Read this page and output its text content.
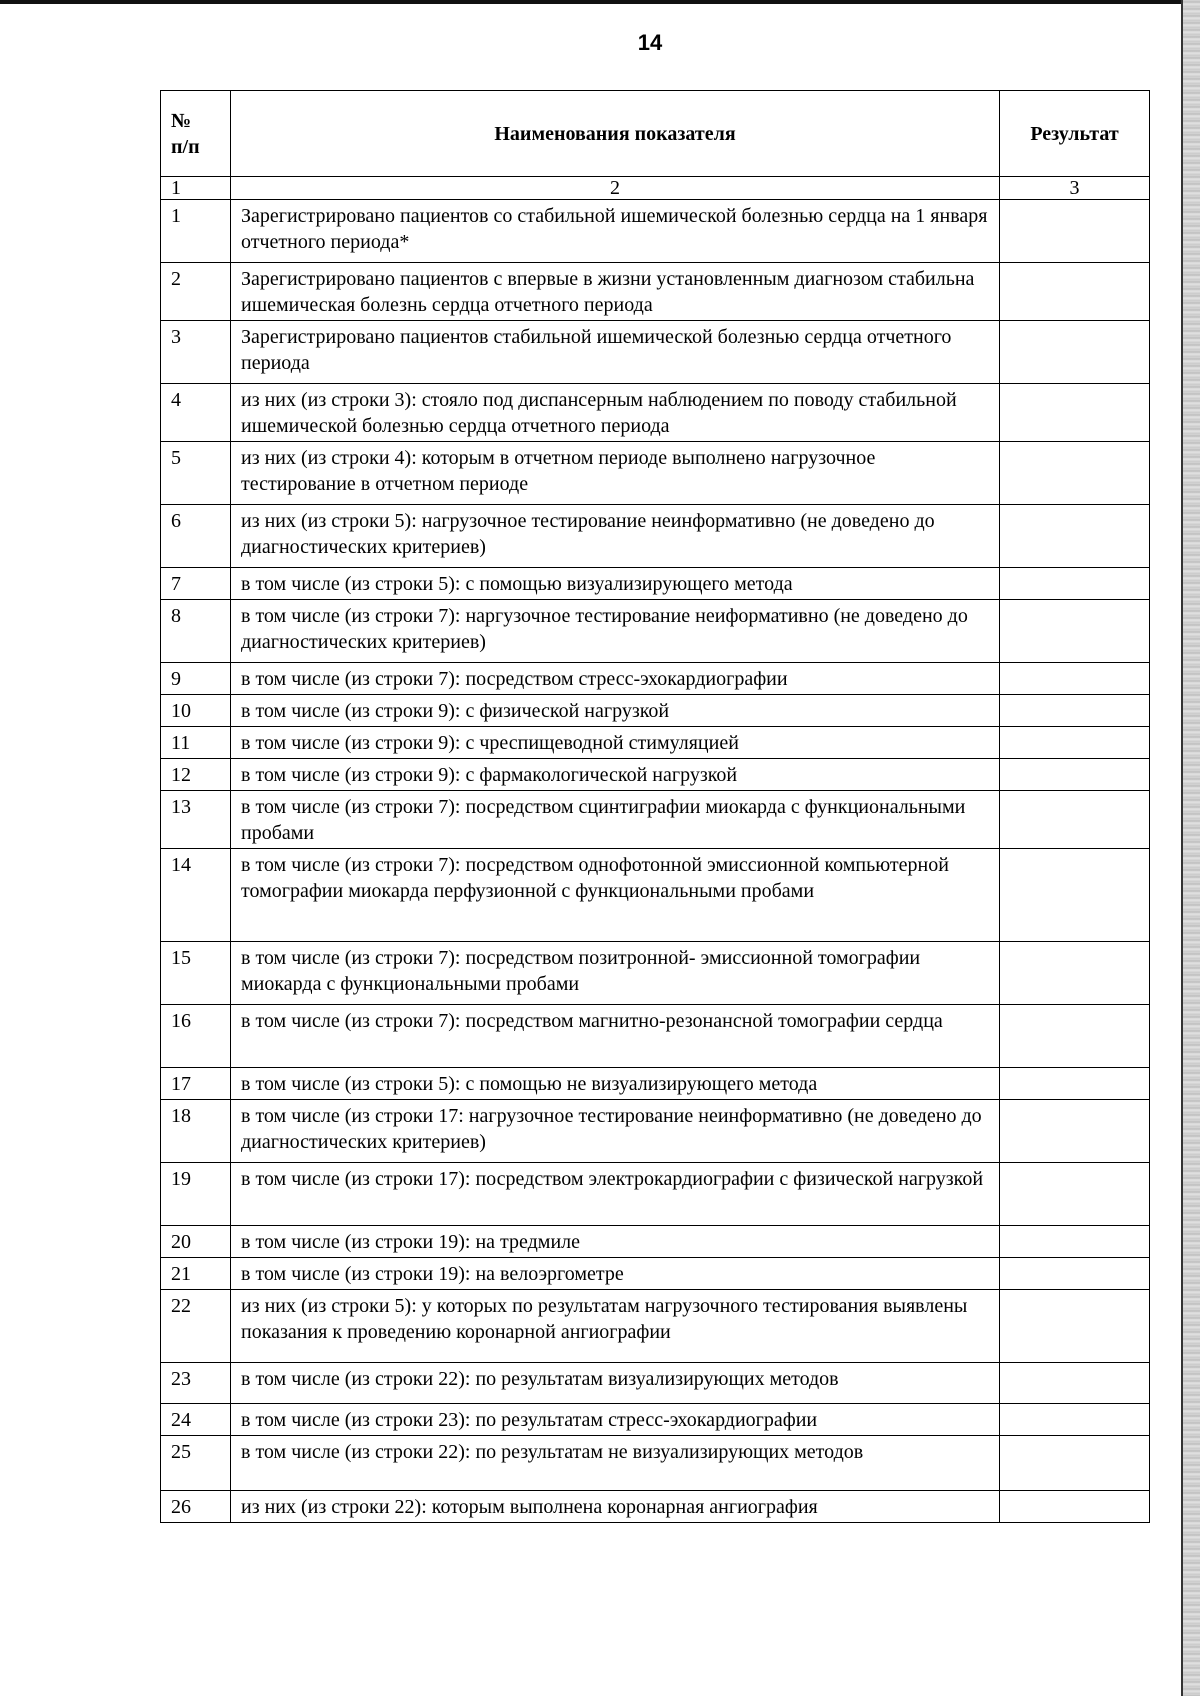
14
№
п/п	Наименования показателя	Результат
1	2	3
1	Зарегистрировано пациентов со стабильной ишемической болезнью сердца на 1 января отчетного периода*	
2	Зарегистрировано пациентов с впервые в жизни установленным диагнозом стабильна ишемическая болезнь сердца отчетного периода	
3	Зарегистрировано пациентов стабильной ишемической болезнью сердца отчетного периода	
4	из них (из строки 3): стояло под диспансерным наблюдением по поводу стабильной ишемической болезнью сердца отчетного периода	
5	из них (из строки 4): которым в отчетном периоде выполнено нагрузочное тестирование в отчетном периоде	
6	из них (из строки 5): нагрузочное тестирование неинформативно (не доведено до диагностических критериев)	
7	в том числе (из строки 5): с помощью визуализирующего метода	
8	в том числе (из строки 7): наргузочное тестирование неиформативно (не доведено до диагностических критериев)	
9	в том числе (из строки 7): посредством стресс-эхокардиографии	
10	в том числе (из строки 9): с физической нагрузкой	
11	в том числе (из строки 9): с чреспищеводной стимуляцией	
12	в том числе (из строки 9): с фармакологической нагрузкой	
13	в том числе (из строки 7): посредством сцинтиграфии миокарда с функциональными пробами	
14	в том числе (из строки 7): посредством однофотонной эмиссионной компьютерной томографии миокарда перфузионной с функциональными пробами	
15	в том числе (из строки 7): посредством позитронной- эмиссионной томографии миокарда с функциональными пробами	
16	в том числе (из строки 7): посредством магнитно-резонансной томографии сердца	
17	в том числе (из строки 5): с помощью не визуализирующего метода	
18	в том числе (из строки 17: нагрузочное тестирование неинформативно (не доведено до диагностических критериев)	
19	в том числе (из строки 17): посредством электрокардиографии с физической нагрузкой	
20	в том числе (из строки 19): на тредмиле	
21	в том числе (из строки 19): на велоэргометре	
22	из них (из строки 5): у которых по результатам нагрузочного тестирования выявлены показания к проведению коронарной ангиографии	
23	в том числе (из строки 22): по результатам визуализирующих методов	
24	в том числе (из строки 23): по результатам стресс-эхокардиографии	
25	в том числе (из строки 22): по результатам не визуализирующих методов	
26	из них (из строки 22): которым выполнена коронарная ангиография	
